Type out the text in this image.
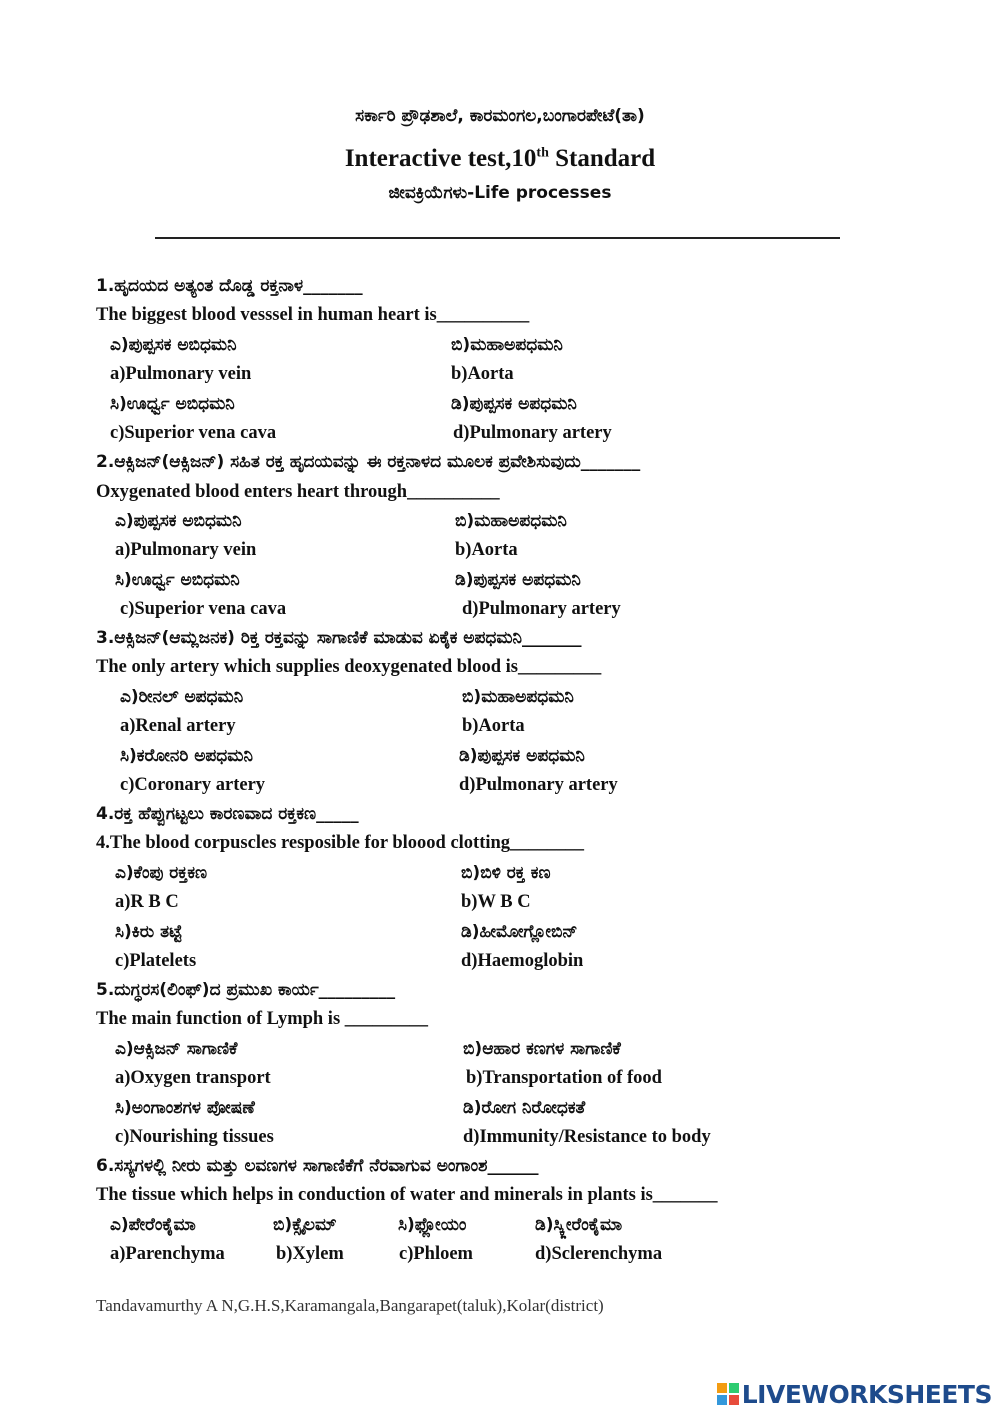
ಸರ್ಕಾರಿ ಪ್ರೌಢಶಾಲೆ, ಕಾರಮಂಗಲ,ಬಂಗಾರಪೇಟೆ(ತಾ)
Interactive test,10th Standard
ಜೀವಕ್ರಿಯೆಗಳು-Life processes
1.ಹೃದಯದ ಅತ್ಯಂತ ದೊಡ್ಡ ರಕ್ತನಾಳ_______
The biggest blood vesssel in human heart is__________
ಎ)ಪುಪ್ಪಸಕ ಅಬಿಧಮನಿ	ಬಿ)ಮಹಾಅಪಧಮನಿ
a)Pulmonary vein	b)Aorta
ಸಿ)ಊರ್ಧ್ವ ಅಬಿಧಮನಿ	ಡಿ)ಪುಪ್ಪಸಕ ಅಪಧಮನಿ
c)Superior vena cava	d)Pulmonary artery
2.ಆಕ್ಸಿಜನ್(ಆಕ್ಸಿಜನ್) ಸಹಿತ ರಕ್ತ ಹೃದಯವನ್ನು ಈ ರಕ್ತನಾಳದ ಮೂಲಕ ಪ್ರವೇಶಿಸುವುದು_______
Oxygenated blood enters heart through__________
ಎ)ಪುಪ್ಪಸಕ ಅಬಿಧಮನಿ	ಬಿ)ಮಹಾಅಪಧಮನಿ
a)Pulmonary vein	b)Aorta
ಸಿ)ಊರ್ಧ್ವ ಅಬಿಧಮನಿ	ಡಿ)ಪುಪ್ಪಸಕ ಅಪಧಮನಿ
c)Superior vena cava	d)Pulmonary artery
3.ಆಕ್ಸಿಜನ್(ಆಮ್ಲಜನಕ) ರಿಕ್ತ ರಕ್ತವನ್ನು ಸಾಗಾಣಿಕೆ ಮಾಡುವ ಏಕೈಕ ಅಪಧಮನಿ_______
The only artery which supplies deoxygenated blood is_________
ಎ)ರೀನಲ್ ಅಪಧಮನಿ	ಬಿ)ಮಹಾಅಪಧಮನಿ
a)Renal artery	b)Aorta
ಸಿ)ಕರೋನರಿ ಅಪಧಮನಿ	ಡಿ)ಪುಪ್ಪಸಕ ಅಪಧಮನಿ
c)Coronary artery	d)Pulmonary artery
4.ರಕ್ತ ಹೆಪ್ಪುಗಟ್ಟಲು ಕಾರಣವಾದ ರಕ್ತಕಣ_____
4.The blood corpuscles resposible for bloood clotting________
ಎ)ಕೆಂಪು ರಕ್ತಕಣ	ಬಿ)ಬಿಳಿ ರಕ್ತ ಕಣ
a)R B C	b)W B C
ಸಿ)ಕಿರು ತಟ್ಟೆ	ಡಿ)ಹೀಮೋಗ್ಲೋಬಿನ್
c)Platelets	d)Haemoglobin
5.ದುಗ್ಧರಸ(ಲಿಂಫ್)ದ ಪ್ರಮುಖ ಕಾರ್ಯ_________
The main function of Lymph is _________
ಎ)ಆಕ್ಸಿಜನ್ ಸಾಗಾಣಿಕೆ	ಬಿ)ಆಹಾರ ಕಣಗಳ ಸಾಗಾಣಿಕೆ
a)Oxygen transport	b)Transportation of food
ಸಿ)ಅಂಗಾಂಶಗಳ ಪೋಷಣೆ	ಡಿ)ರೋಗ ನಿರೋಧಕತೆ
c)Nourishing tissues	d)Immunity/Resistance to body
6.ಸಸ್ಯಗಳಲ್ಲಿ ನೀರು ಮತ್ತು ಲವಣಗಳ ಸಾಗಾಣಿಕೆಗೆ ನೆರವಾಗುವ ಅಂಗಾಂಶ______
The tissue which helps in conduction of water and minerals in plants is_______
ಎ)ಪೇರೆಂಕೈಮಾ	ಬಿ)ಕ್ಸೈಲಮ್	ಸಿ)ಫ್ಲೋಯಂ	ಡಿ)ಸ್ಕ್ಲೀರೆಂಕೈಮಾ
a)Parenchyma	b)Xylem	c)Phloem	d)Sclerenchyma
Tandavamurthy A N,G.H.S,Karamangala,Bangarapet(taluk),Kolar(district)
LIVEWORKSHEETS
